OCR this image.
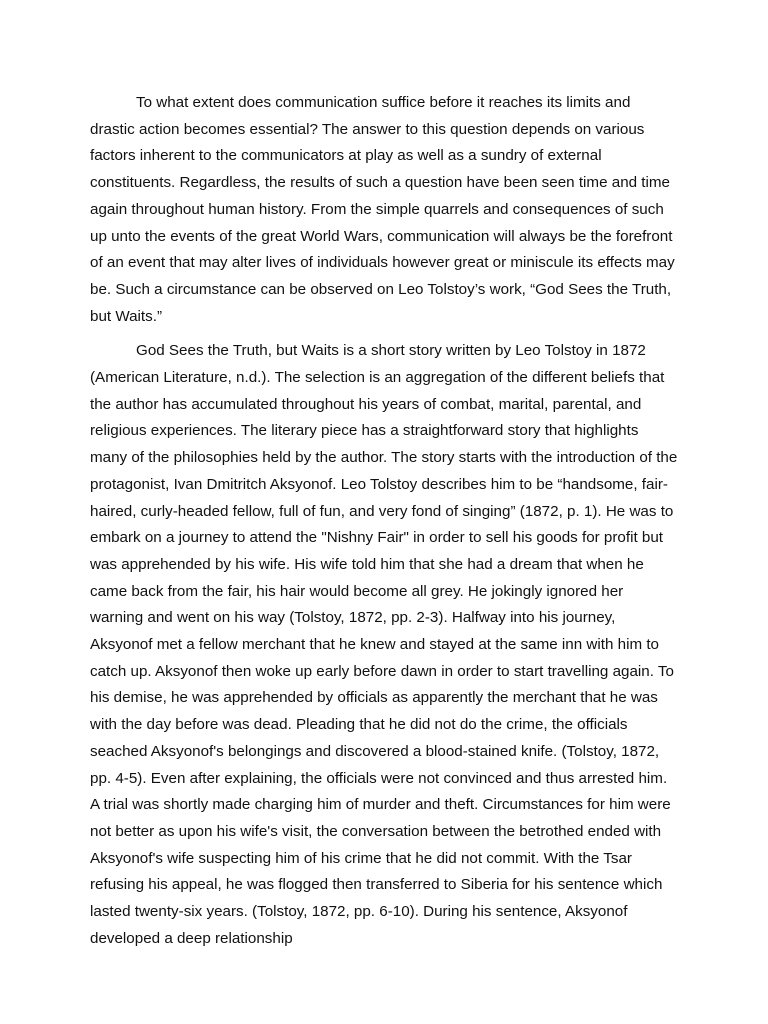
To what extent does communication suffice before it reaches its limits and drastic action becomes essential? The answer to this question depends on various factors inherent to the communicators at play as well as a sundry of external constituents. Regardless, the results of such a question have been seen time and time again throughout human history. From the simple quarrels and consequences of such up unto the events of the great World Wars, communication will always be the forefront of an event that may alter lives of individuals however great or miniscule its effects may be. Such a circumstance can be observed on Leo Tolstoy’s work, “God Sees the Truth, but Waits.”

God Sees the Truth, but Waits is a short story written by Leo Tolstoy in 1872 (American Literature, n.d.). The selection is an aggregation of the different beliefs that the author has accumulated throughout his years of combat, marital, parental, and religious experiences. The literary piece has a straightforward story that highlights many of the philosophies held by the author. The story starts with the introduction of the protagonist, Ivan Dmitritch Aksyonof. Leo Tolstoy describes him to be “handsome, fair-haired, curly-headed fellow, full of fun, and very fond of singing” (1872, p. 1). He was to embark on a journey to attend the "Nishny Fair" in order to sell his goods for profit but was apprehended by his wife. His wife told him that she had a dream that when he came back from the fair, his hair would become all grey. He jokingly ignored her warning and went on his way (Tolstoy, 1872, pp. 2-3). Halfway into his journey, Aksyonof met a fellow merchant that he knew and stayed at the same inn with him to catch up. Aksyonof then woke up early before dawn in order to start travelling again. To his demise, he was apprehended by officials as apparently the merchant that he was with the day before was dead. Pleading that he did not do the crime, the officials seached Aksyonof's belongings and discovered a blood-stained knife. (Tolstoy, 1872, pp. 4-5). Even after explaining, the officials were not convinced and thus arrested him. A trial was shortly made charging him of murder and theft. Circumstances for him were not better as upon his wife's visit, the conversation between the betrothed ended with Aksyonof's wife suspecting him of his crime that he did not commit. With the Tsar refusing his appeal, he was flogged then transferred to Siberia for his sentence which lasted twenty-six years. (Tolstoy, 1872, pp. 6-10). During his sentence, Aksyonof developed a deep relationship
